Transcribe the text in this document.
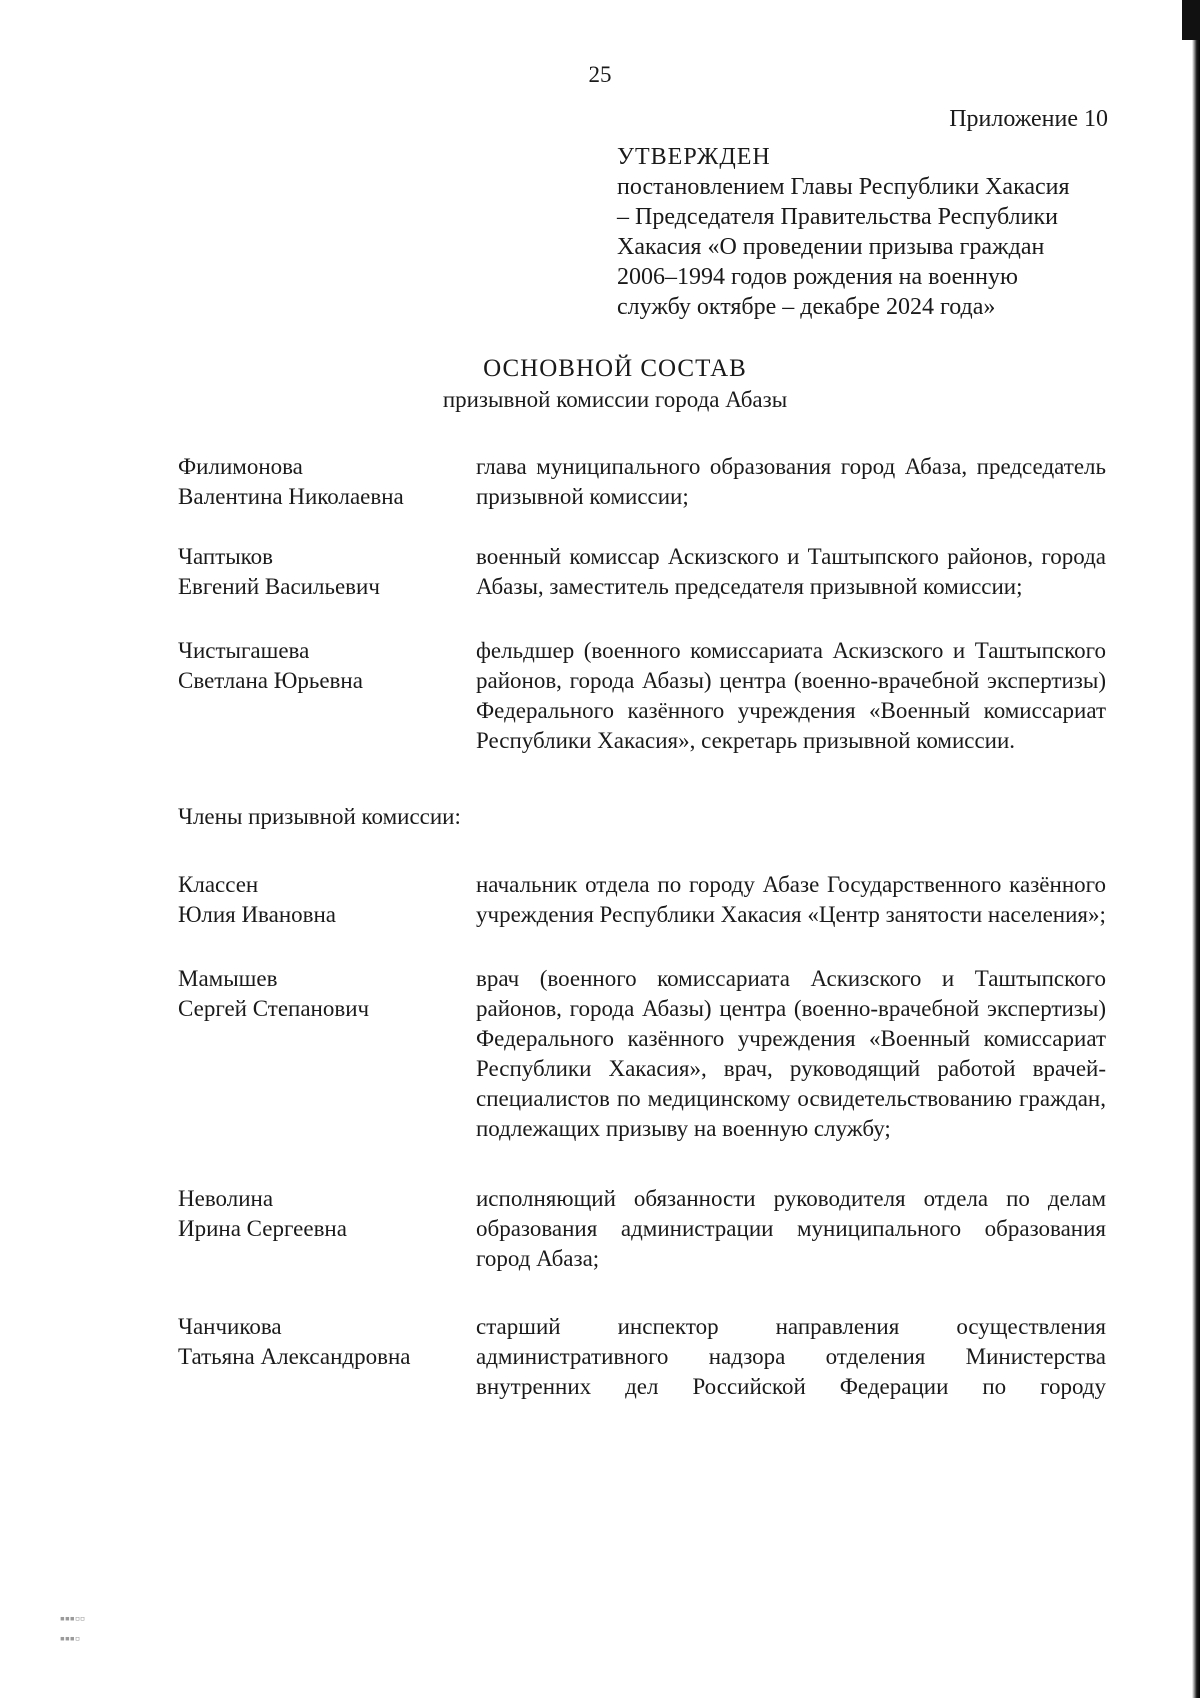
25
Приложение 10
УТВЕРЖДЕН
постановлением Главы Республики Хакасия
– Председателя Правительства Республики
Хакасия «О проведении призыва граждан
2006–1994 годов рождения на военную
службу октябре – декабре 2024 года»
ОСНОВНОЙ СОСТАВ
призывной комиссии города Абазы
Филимонова
Валентина Николаевна
глава муниципального образования город Абаза, председатель призывной комиссии;
Чаптыков
Евгений Васильевич
военный комиссар Аскизского и Таштыпского районов, города Абазы, заместитель председателя призывной комиссии;
Чистыгашева
Светлана Юрьевна
фельдшер (военного комиссариата Аскизского и Таштыпского районов, города Абазы) центра (военно-врачебной экспертизы) Федерального казённого учреждения «Военный комиссариат Республики Хакасия», секретарь призывной комиссии.
Члены призывной комиссии:
Классен
Юлия Ивановна
начальник отдела по городу Абазе Государственного казённого учреждения Республики Хакасия «Центр занятости населения»;
Мамышев
Сергей Степанович
врач (военного комиссариата Аскизского и Таштыпского районов, города Абазы) центра (военно-врачебной экспертизы) Федерального казённого учреждения «Военный комиссариат Республики Хакасия», врач, руководящий работой врачей-специалистов по медицинскому освидетельствованию граждан, подлежащих призыву на военную службу;
Неволина
Ирина Сергеевна
исполняющий обязанности руководителя отдела по делам образования администрации муниципального образования город Абаза;
Чанчикова
Татьяна Александровна
старший инспектор направления осуществления административного надзора отделения Министерства внутренних дел Российской Федерации по городу
▪▪▪▫▫
▪▪▪▫
